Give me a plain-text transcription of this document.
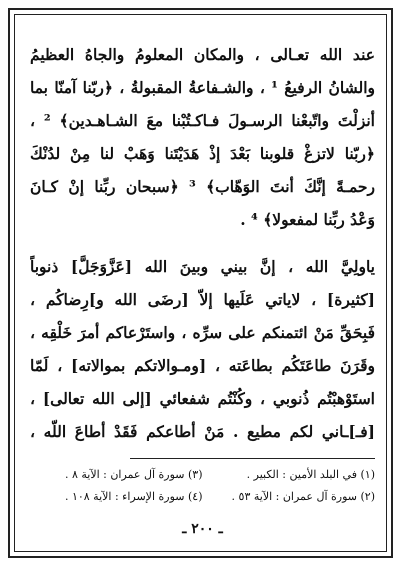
عند الله تعـالى ، والمكان المعلومُ والجاهُ العظيمُ
والشانُ الرفيعُ ¹ ، والشـفاعةُ المقبولةُ ، ﴿ربّنا آمنّا بما
أنزلْتَ واتّبعْنا الرسـولَ فـاكـتُبْنا معَ الشـاهـدين﴾ ² ،
﴿ربّنا لاتزغْ قلوبنا بَعْدَ إذْ هَدَيْتَنا وَهَبْ لنا مِنْ لدُنْكَ
رحمـةً إنَّكَ أنتَ الوَهّاب﴾ ³ ﴿سبحان ربِّنا إنْ كـانَ
وَعْدُ ربِّنا لمفعولا﴾ ⁴ .
ياولِيَّ الله ، إنَّ بيني وبينَ الله [عَزَّوَجَلَّ] ذنوباً
[كثيرة] ، لاياتي عَلَيها إلاّ [رضَى الله و]رِضاكُم ،
فَبِحَقِّ مَنْ ائتمنكم على سرِّه ، واستَرْعاكم أمرَ خَلْقِه ،
وقَرَنَ طاعَتَكُم بطاعَته ، [ومـوالاتكم بموالاته] ، لَمّا
استَوْهبْتُم ذُنوبي ، وكُنْتُم شفعائي [إلى الله تعالى] ،
[فـ]ـاني لكم مطيع . مَنْ أطاعكم فَقَدْ أطاعَ اللّه ،
(١) في البلد الأمين : الكبير .
(٣) سورة آل عمران : الآية ٨ .
(٢) سورة آل عمران : الآية ٥٣ .
(٤) سورة الإسراء : الآية ١٠٨ .
ـ ٢٠٠ ـ
